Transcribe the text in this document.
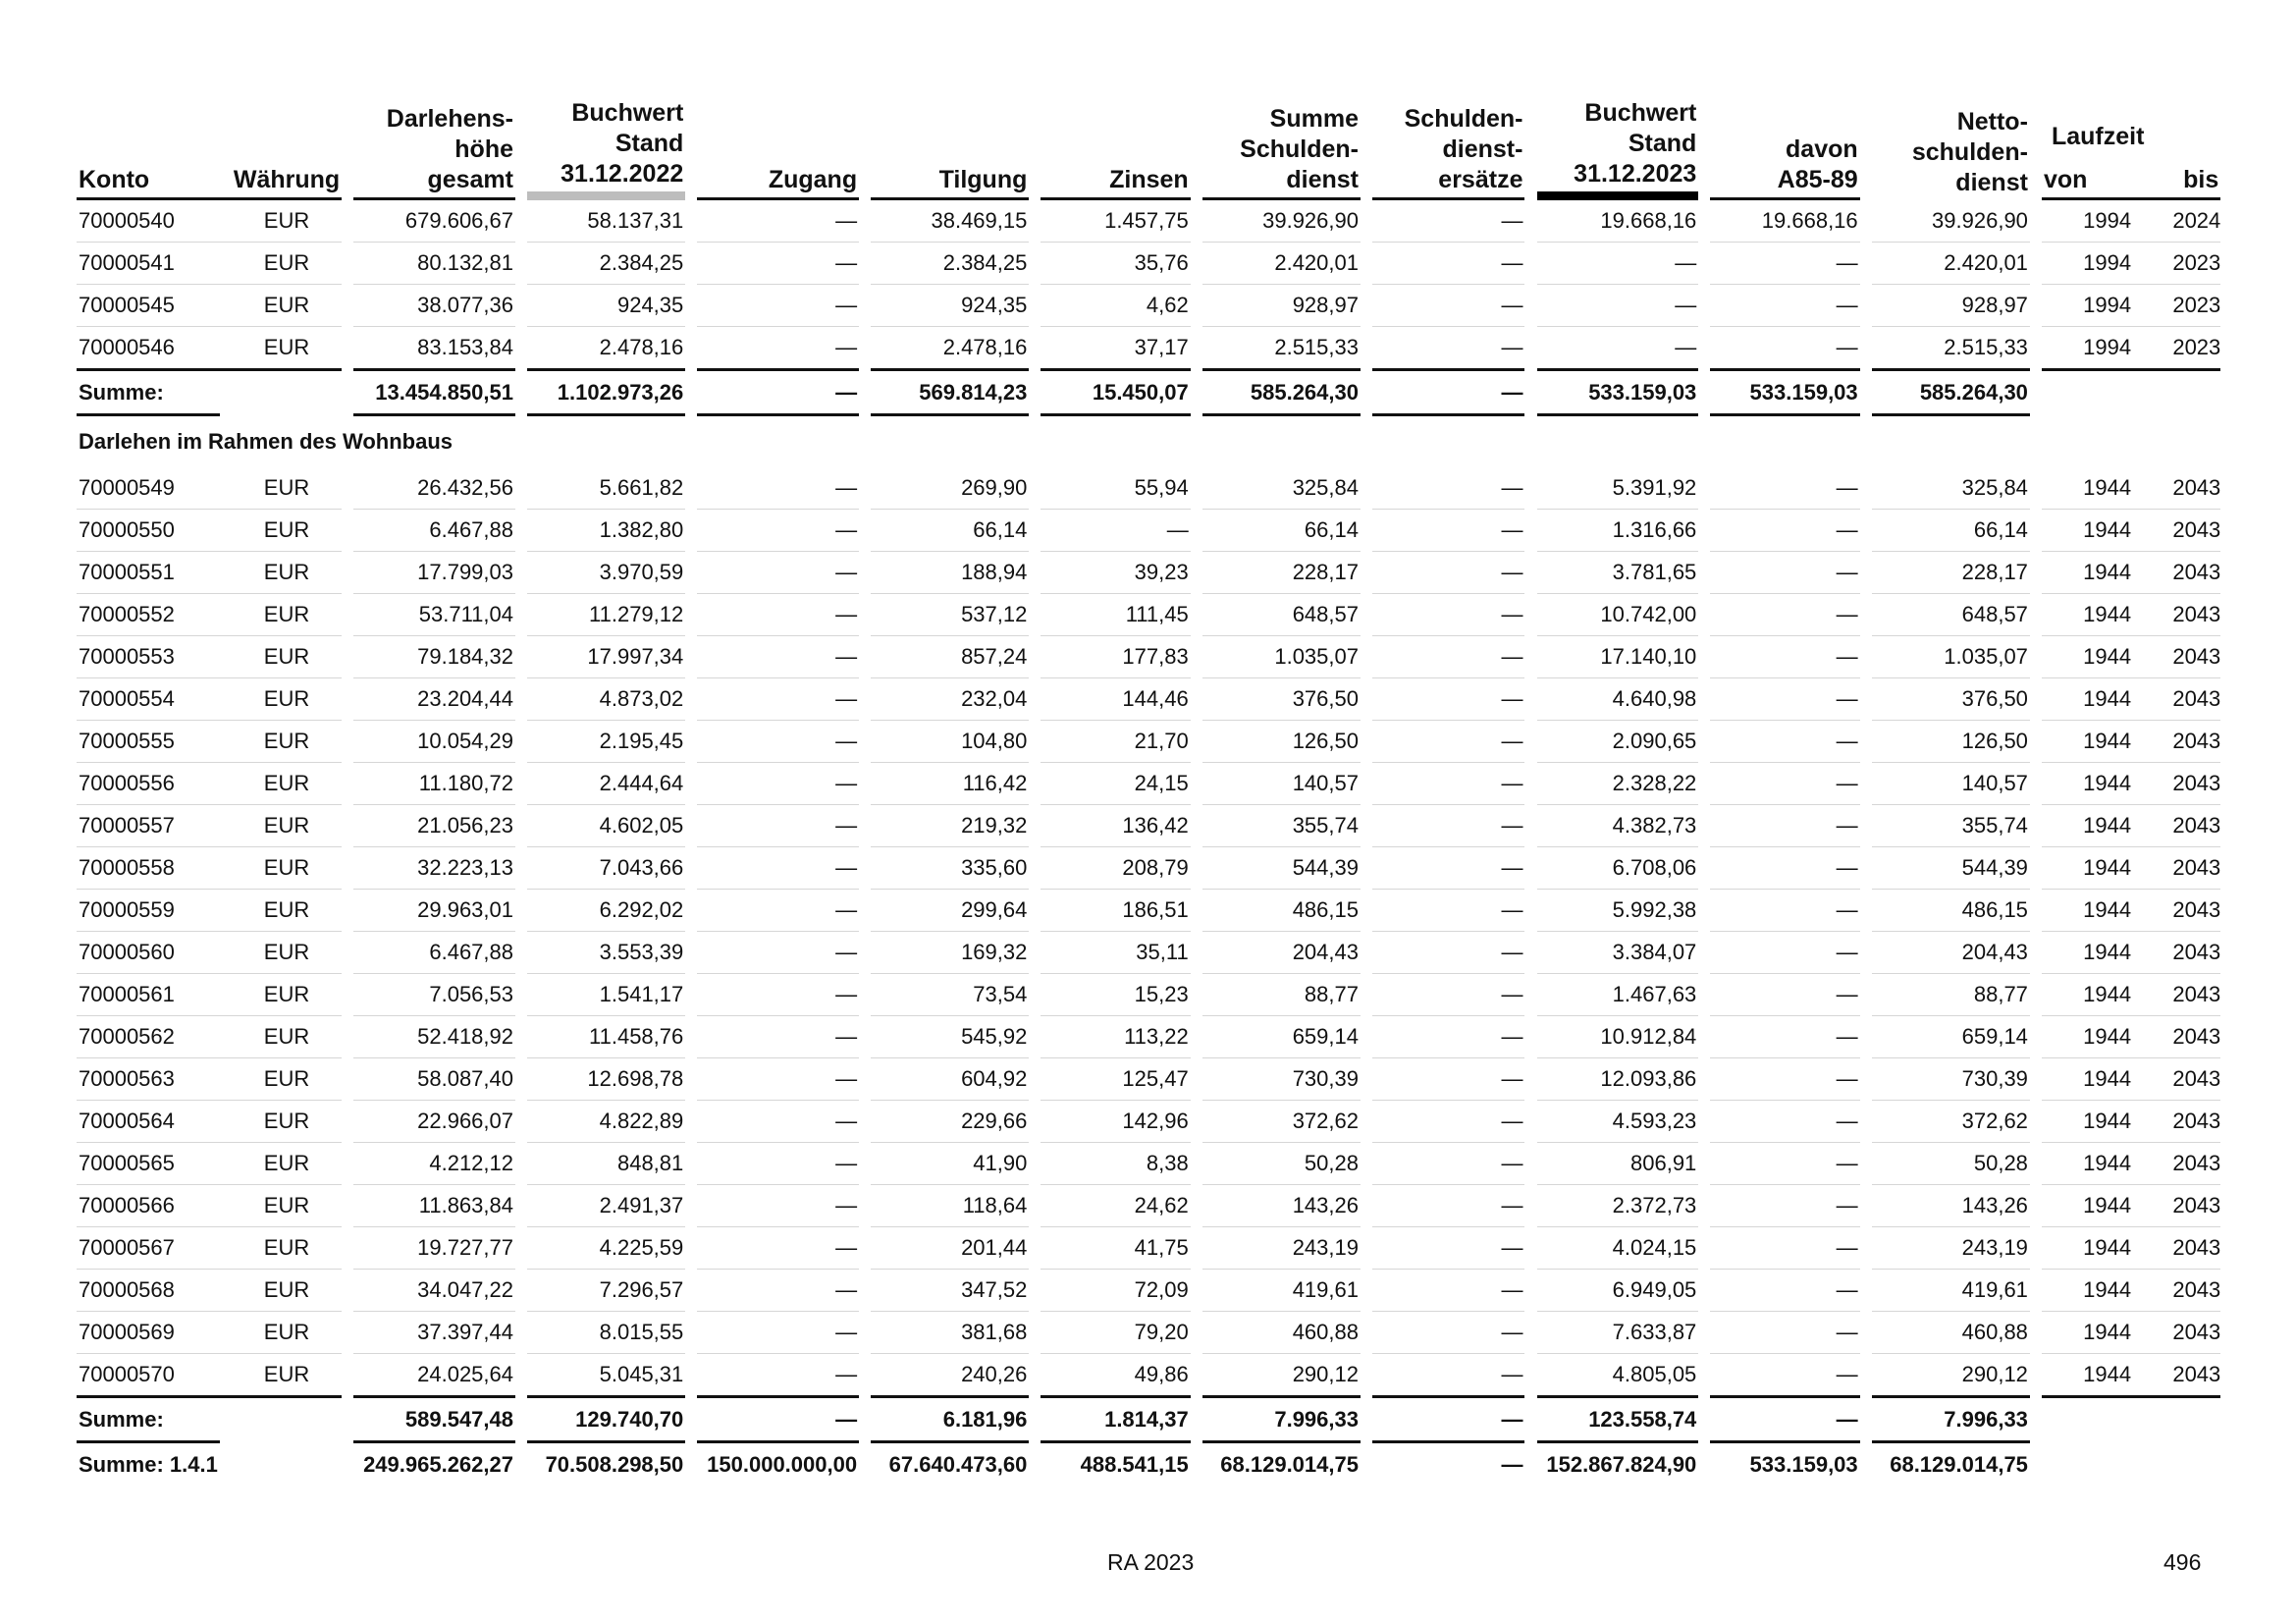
Konto	Währung		Darlehens-
höhe
gesamt		Buchwert
Stand
31.12.2022		Zugang		Tilgung		Zinsen		Summe
Schulden-
dienst		Schulden-
dienst-
ersätze		Buchwert
Stand
31.12.2023		davon
A85-89		Netto-
schulden-
dienst		Laufzeit
von	bis
70000540	EUR		679.606,67		58.137,31		—		38.469,15		1.457,75		39.926,90		—		19.668,16		19.668,16		39.926,90		1994	2024
70000541	EUR		80.132,81		2.384,25		—		2.384,25		35,76		2.420,01		—		—		—		2.420,01		1994	2023
70000545	EUR		38.077,36		924,35		—		924,35		4,62		928,97		—		—		—		928,97		1994	2023
70000546	EUR		83.153,84		2.478,16		—		2.478,16		37,17		2.515,33		—		—		—		2.515,33		1994	2023
Summe:			13.454.850,51		1.102.973,26		—		569.814,23		15.450,07		585.264,30		—		533.159,03		533.159,03		585.264,30			
Darlehen im Rahmen des Wohnbaus																								
70000549	EUR		26.432,56		5.661,82		—		269,90		55,94		325,84		—		5.391,92		—		325,84		1944	2043
70000550	EUR		6.467,88		1.382,80		—		66,14		—		66,14		—		1.316,66		—		66,14		1944	2043
70000551	EUR		17.799,03		3.970,59		—		188,94		39,23		228,17		—		3.781,65		—		228,17		1944	2043
70000552	EUR		53.711,04		11.279,12		—		537,12		111,45		648,57		—		10.742,00		—		648,57		1944	2043
70000553	EUR		79.184,32		17.997,34		—		857,24		177,83		1.035,07		—		17.140,10		—		1.035,07		1944	2043
70000554	EUR		23.204,44		4.873,02		—		232,04		144,46		376,50		—		4.640,98		—		376,50		1944	2043
70000555	EUR		10.054,29		2.195,45		—		104,80		21,70		126,50		—		2.090,65		—		126,50		1944	2043
70000556	EUR		11.180,72		2.444,64		—		116,42		24,15		140,57		—		2.328,22		—		140,57		1944	2043
70000557	EUR		21.056,23		4.602,05		—		219,32		136,42		355,74		—		4.382,73		—		355,74		1944	2043
70000558	EUR		32.223,13		7.043,66		—		335,60		208,79		544,39		—		6.708,06		—		544,39		1944	2043
70000559	EUR		29.963,01		6.292,02		—		299,64		186,51		486,15		—		5.992,38		—		486,15		1944	2043
70000560	EUR		6.467,88		3.553,39		—		169,32		35,11		204,43		—		3.384,07		—		204,43		1944	2043
70000561	EUR		7.056,53		1.541,17		—		73,54		15,23		88,77		—		1.467,63		—		88,77		1944	2043
70000562	EUR		52.418,92		11.458,76		—		545,92		113,22		659,14		—		10.912,84		—		659,14		1944	2043
70000563	EUR		58.087,40		12.698,78		—		604,92		125,47		730,39		—		12.093,86		—		730,39		1944	2043
70000564	EUR		22.966,07		4.822,89		—		229,66		142,96		372,62		—		4.593,23		—		372,62		1944	2043
70000565	EUR		4.212,12		848,81		—		41,90		8,38		50,28		—		806,91		—		50,28		1944	2043
70000566	EUR		11.863,84		2.491,37		—		118,64		24,62		143,26		—		2.372,73		—		143,26		1944	2043
70000567	EUR		19.727,77		4.225,59		—		201,44		41,75		243,19		—		4.024,15		—		243,19		1944	2043
70000568	EUR		34.047,22		7.296,57		—		347,52		72,09		419,61		—		6.949,05		—		419,61		1944	2043
70000569	EUR		37.397,44		8.015,55		—		381,68		79,20		460,88		—		7.633,87		—		460,88		1944	2043
70000570	EUR		24.025,64		5.045,31		—		240,26		49,86		290,12		—		4.805,05		—		290,12		1944	2043
Summe:			589.547,48		129.740,70		—		6.181,96		1.814,37		7.996,33		—		123.558,74		—		7.996,33			
Summe: 1.4.1			249.965.262,27		70.508.298,50		150.000.000,00		67.640.473,60		488.541,15		68.129.014,75		—		152.867.824,90		533.159,03		68.129.014,75			
RA 2023	496
